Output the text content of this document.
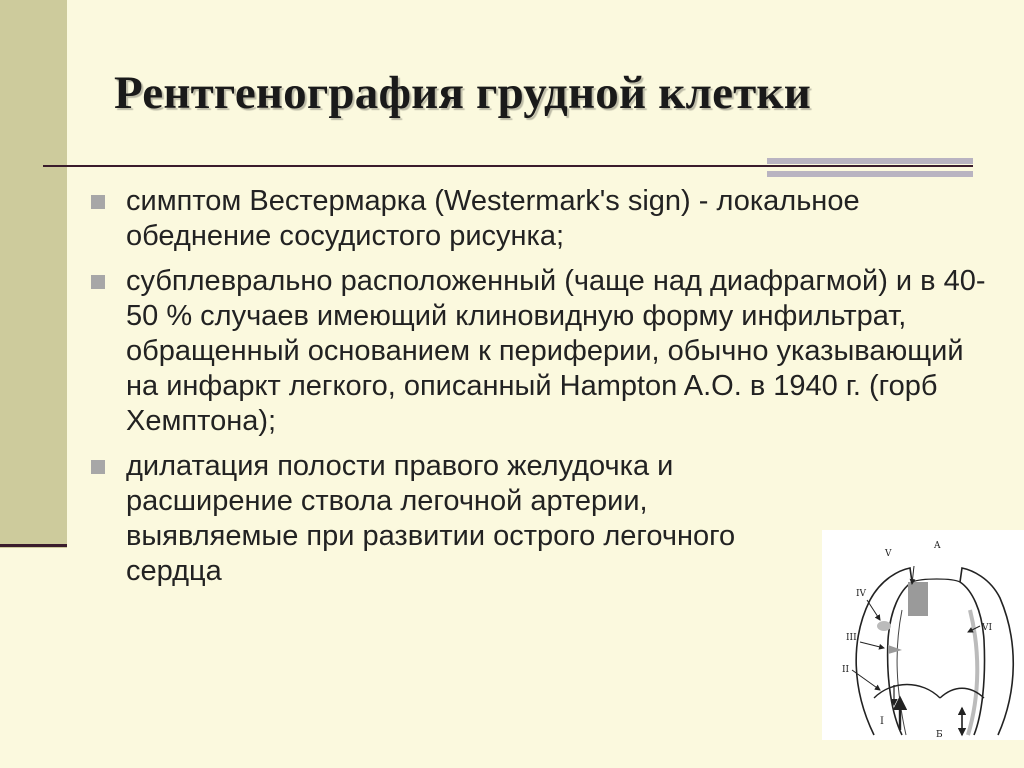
Рентгенография грудной клетки
симптом Вестермарка (Westermark's sign) - локальное обеднение сосудистого рисунка;
субплеврально расположенный (чаще над диафрагмой) и в 40-50 % случаев имеющий клиновидную форму инфильтрат, обращенный основанием к периферии, обычно указывающий на инфаркт легкого, описанный Hampton A.O. в 1940 г. (горб Хемптона);
дилатация полости правого желудочка и расширение ствола легочной артерии, выявляемые при развитии острого легочного сердца
A
V
IV
III
II
VI
I
Б
